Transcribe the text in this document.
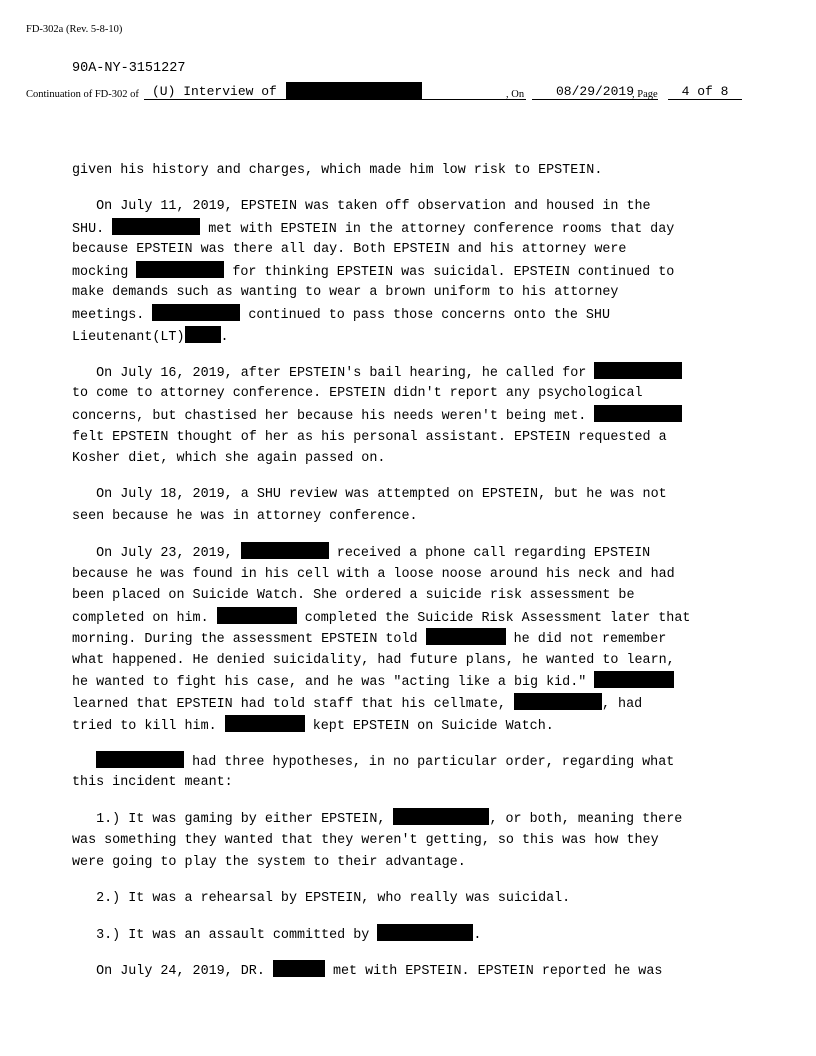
FD-302a (Rev. 5-8-10)
90A-NY-3151227
Continuation of FD-302 of	(U) Interview of	, On	08/29/2019
, Page	4 of 8
given his history and charges, which made him low risk to EPSTEIN.
On July 11, 2019, EPSTEIN was taken off observation and housed in the
SHU.	met with EPSTEIN in the attorney conference rooms that day
because EPSTEIN was there all day. Both EPSTEIN and his attorney were
mocking	for thinking EPSTEIN was suicidal. EPSTEIN continued to
make demands such as wanting to wear a brown uniform to his attorney
meetings.	continued to pass those concerns onto the SHU
Lieutenant(LT)	.
On July 16, 2019, after EPSTEIN's bail hearing, he called for
to come to attorney conference. EPSTEIN didn't report any psychological
concerns, but chastised her because his needs weren't being met.
felt EPSTEIN thought of her as his personal assistant. EPSTEIN requested a
Kosher diet, which she again passed on.
On July 18, 2019, a SHU review was attempted on EPSTEIN, but he was not
seen because he was in attorney conference.
On July 23, 2019,	received a phone call regarding EPSTEIN
because he was found in his cell with a loose noose around his neck and had
been placed on Suicide Watch. She ordered a suicide risk assessment be
completed on him.	completed the Suicide Risk Assessment later that
morning. During the assessment EPSTEIN told	he did not remember
what happened. He denied suicidality, had future plans, he wanted to learn,
he wanted to fight his case, and he was "acting like a big kid."
learned that EPSTEIN had told staff that his cellmate,	, had
tried to kill him.	kept EPSTEIN on Suicide Watch.
had three hypotheses, in no particular order, regarding what
this incident meant:
1.) It was gaming by either EPSTEIN,	, or both, meaning there
was something they wanted that they weren't getting, so this was how they
were going to play the system to their advantage.
2.) It was a rehearsal by EPSTEIN, who really was suicidal.
3.) It was an assault committed by	.
On July 24, 2019, DR.	met with EPSTEIN. EPSTEIN reported he was
